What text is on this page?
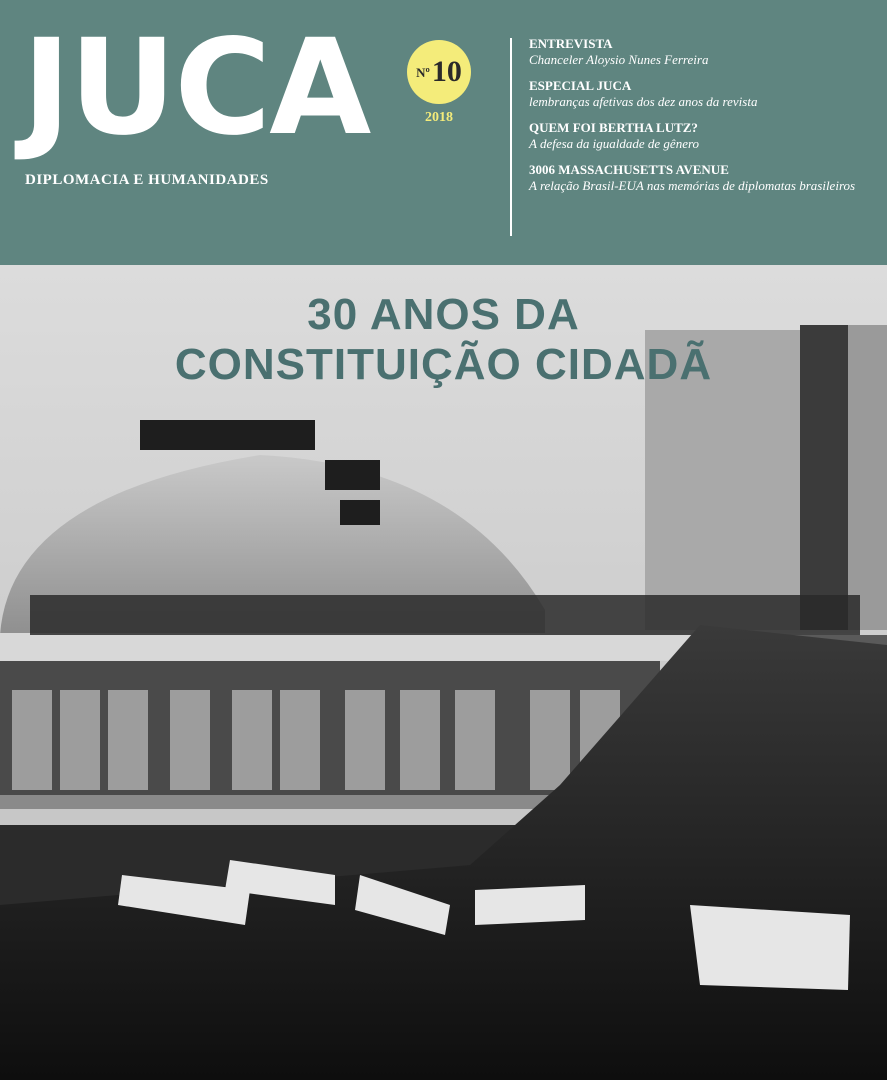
JUCA	Nº 10
2018
DIPLOMACIA E HUMANIDADES
ENTREVISTA
Chanceler Aloysio Nunes Ferreira
ESPECIAL JUCA
lembranças afetivas dos dez anos da revista
QUEM FOI BERTHA LUTZ?
A defesa da igualdade de gênero
3006 MASSACHUSETTS AVENUE
A relação Brasil-EUA nas memórias de diplomatas brasileiros
30 ANOS DA
CONSTITUIÇÃO CIDADÃ
